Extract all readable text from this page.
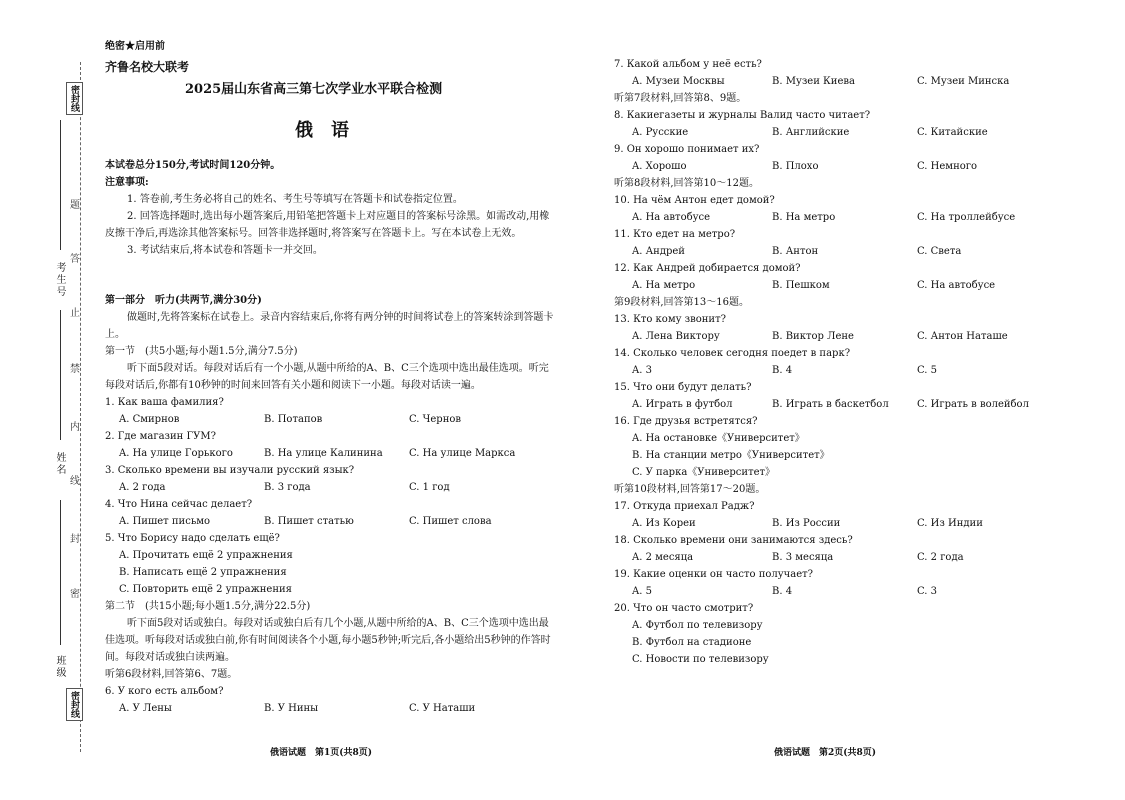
密封线
密封线
题
答
止
禁
内
线
封
密
考生号
姓名
班级
绝密★启用前
齐鲁名校大联考
2025届山东省高三第七次学业水平联合检测
俄　语
本试卷总分150分,考试时间120分钟。
注意事项:
1. 答卷前,考生务必将自己的姓名、考生号等填写在答题卡和试卷指定位置。
2. 回答选择题时,选出每小题答案后,用铅笔把答题卡上对应题目的答案标号涂黑。如需改动,用橡皮擦干净后,再选涂其他答案标号。回答非选择题时,将答案写在答题卡上。写在本试卷上无效。
3. 考试结束后,将本试卷和答题卡一并交回。
第一部分　听力(共两节,满分30分)
做题时,先将答案标在试卷上。录音内容结束后,你将有两分钟的时间将试卷上的答案转涂到答题卡上。
第一节　(共5小题;每小题1.5分,满分7.5分)
听下面5段对话。每段对话后有一个小题,从题中所给的A、B、C三个选项中选出最佳选项。听完每段对话后,你都有10秒钟的时间来回答有关小题和阅读下一小题。每段对话读一遍。
1. Как ваша фамилия?
A. Смирнов	B. Потапов	C. Чернов
2. Где магазин ГУМ?
A. На улице Горького	B. На улице Калинина	C. На улице Маркса
3. Сколько времени вы изучали русский язык?
A. 2 года	B. 3 года	C. 1 год
4. Что Нина сейчас делает?
A. Пишет письмо	B. Пишет статью	C. Пишет слова
5. Что Борису надо сделать ещё?
A. Прочитать ещё 2 упражнения
B. Написать ещё 2 упражнения
C. Повторить ещё 2 упражнения
第二节　(共15小题;每小题1.5分,满分22.5分)
听下面5段对话或独白。每段对话或独白后有几个小题,从题中所给的A、B、C三个选项中选出最佳选项。听每段对话或独白前,你有时间阅读各个小题,每小题5秒钟;听完后,各小题给出5秒钟的作答时间。每段对话或独白读两遍。
听第6段材料,回答第6、7题。
6. У кого есть альбом?
A. У Лены	B. У Нины	C. У Наташи
俄语试题　第1页(共8页)
7. Какой альбом у неё есть?
A. Музеи Москвы	B. Музеи Киева	C. Музеи Минска
听第7段材料,回答第8、9题。
8. Какиегазеты и журналы Валид часто читает?
A. Русские	B. Английские	C. Китайские
9. Он хорошо понимает их?
A. Хорошо	B. Плохо	C. Немного
听第8段材料,回答第10～12题。
10. На чём Антон едет домой?
A. На автобусе	B. На метро	C. На троллейбусе
11. Кто едет на метро?
A. Андрей	B. Антон	C. Света
12. Как Андрей добирается домой?
A. На метро	B. Пешком	C. На автобусе
第9段材料,回答第13～16题。
13. Кто кому звонит?
A. Лена Виктору	B. Виктор Лене	C. Антон Наташе
14. Сколько человек сегодня поедет в парк?
A. 3	B. 4	C. 5
15. Что они будут делать?
A. Играть в футбол	B. Играть в баскетбол	C. Играть в волейбол
16. Где друзья встретятся?
A. На остановке《Университет》
B. На станции метро《Университет》
C. У парка《Университет》
听第10段材料,回答第17～20题。
17. Откуда приехал Радж?
A. Из Кореи	B. Из России	C. Из Индии
18. Сколько времени они занимаются здесь?
A. 2 месяца	B. 3 месяца	C. 2 года
19. Какие оценки он часто получает?
A. 5	B. 4	C. 3
20. Что он часто смотрит?
A. Футбол по телевизору
B. Футбол на стадионе
C. Новости по телевизору
俄语试题　第2页(共8页)
